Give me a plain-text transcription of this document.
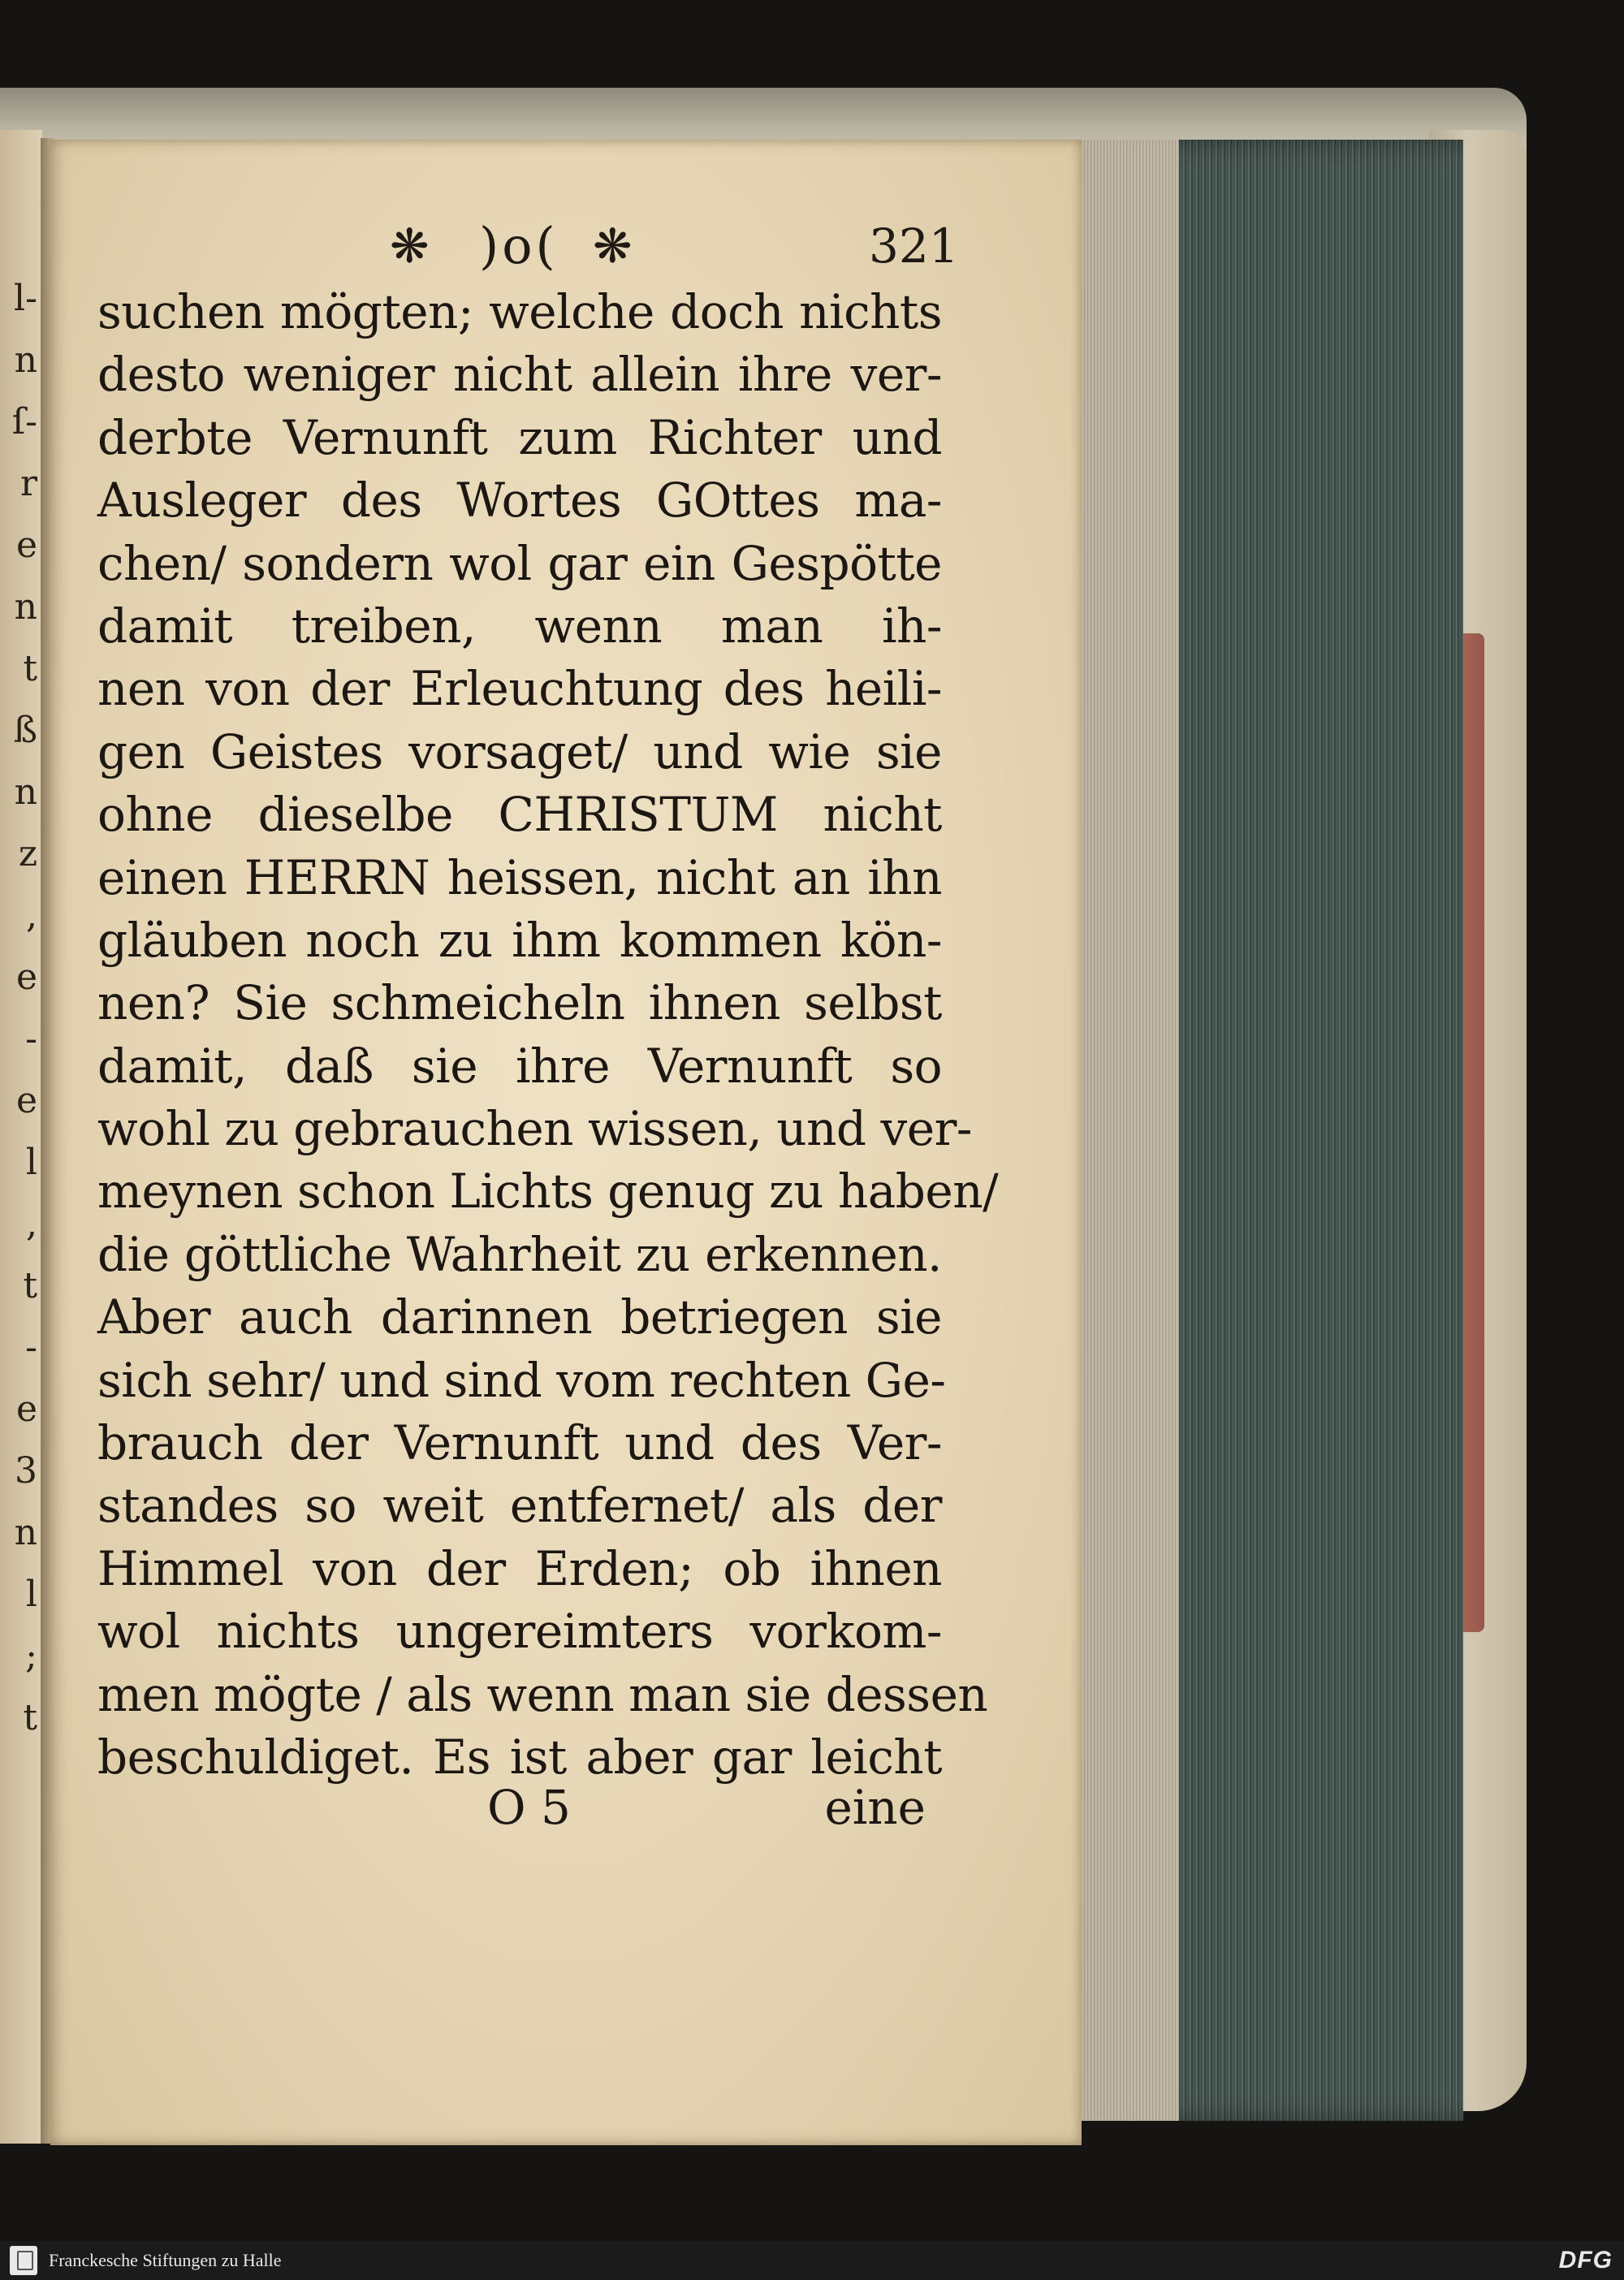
l-
n
ſ-
r
e
n
t
ß
n
z
,
e
-
e
l
,
t
-
e
3
n
l
;
t
❋ )o( ❋	321
suchen mögten; welche doch nichts
desto weniger nicht allein ihre ver-
derbte Vernunft zum Richter und
Ausleger des Wortes GOttes ma-
chen/ sondern wol gar ein Gespötte
damit treiben, wenn man ih-
nen von der Erleuchtung des heili-
gen Geistes vorsaget/ und wie sie
ohne dieselbe CHRISTUM nicht
einen HERRN heissen, nicht an ihn
gläuben noch zu ihm kommen kön-
nen? Sie schmeicheln ihnen selbst
damit, daß sie ihre Vernunft so
wohl zu gebrauchen wissen, und ver-
meynen schon Lichts genug zu haben/
die göttliche Wahrheit zu erkennen.
Aber auch darinnen betriegen sie
sich sehr/ und sind vom rechten Ge-
brauch der Vernunft und des Ver-
standes so weit entfernet/ als der
Himmel von der Erden; ob ihnen
wol nichts ungereimters vorkom-
men mögte / als wenn man sie dessen
beschuldiget. Es ist aber gar leicht
O 5	eine
Franckesche Stiftungen zu Halle	DFG
